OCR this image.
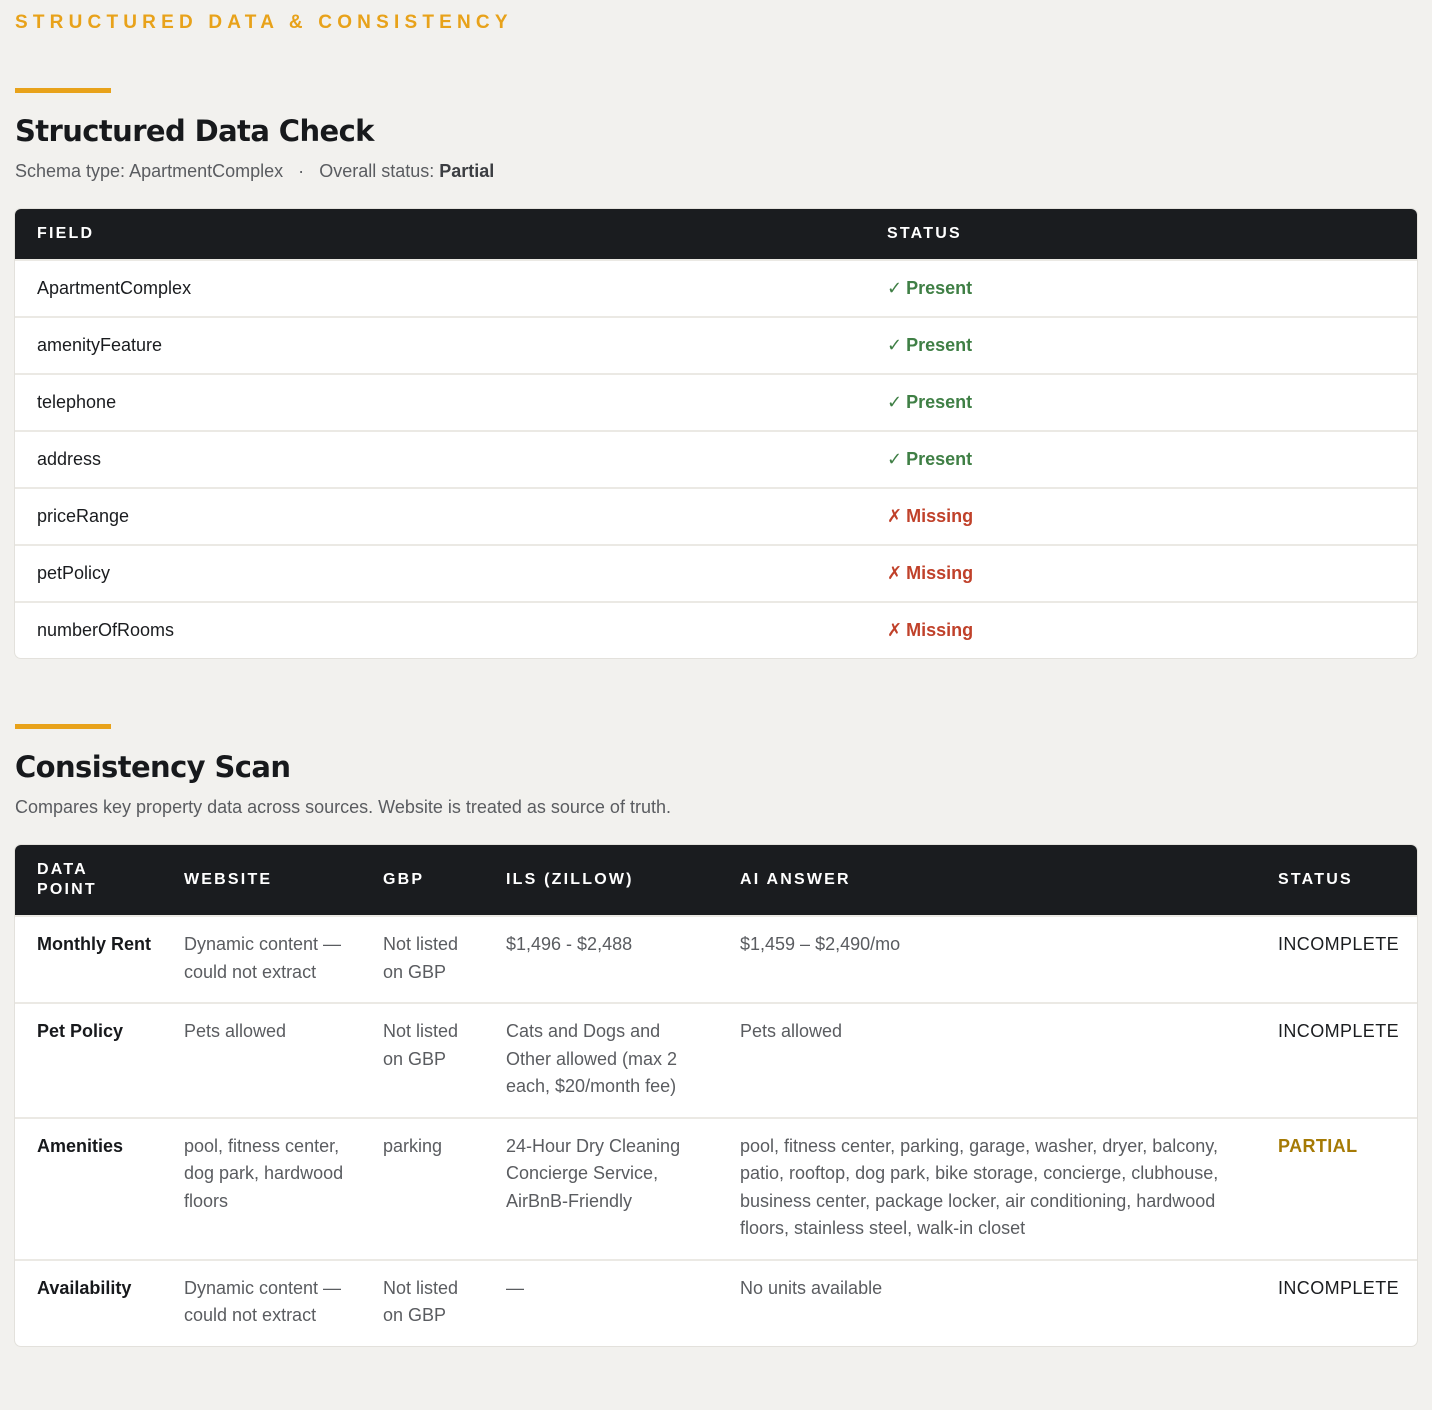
STRUCTURED DATA & CONSISTENCY
Structured Data Check
Schema type: ApartmentComplex · Overall status: Partial
FIELD	STATUS
ApartmentComplex	✓ Present
amenityFeature	✓ Present
telephone	✓ Present
address	✓ Present
priceRange	✗ Missing
petPolicy	✗ Missing
numberOfRooms	✗ Missing
Consistency Scan
Compares key property data across sources. Website is treated as source of truth.
DATA POINT	WEBSITE	GBP	ILS (ZILLOW)	AI ANSWER	STATUS
Monthly Rent	Dynamic content — could not extract	Not listed on GBP	$1,496 - $2,488	$1,459 – $2,490/mo	INCOMPLETE
Pet Policy	Pets allowed	Not listed on GBP	Cats and Dogs and Other allowed (max 2 each, $20/month fee)	Pets allowed	INCOMPLETE
Amenities	pool, fitness center, dog park, hardwood floors	parking	24-Hour Dry Cleaning Concierge Service, AirBnB-Friendly	pool, fitness center, parking, garage, washer, dryer, balcony, patio, rooftop, dog park, bike storage, concierge, clubhouse, business center, package locker, air conditioning, hardwood floors, stainless steel, walk-in closet	PARTIAL
Availability	Dynamic content — could not extract	Not listed on GBP	—	No units available	INCOMPLETE
